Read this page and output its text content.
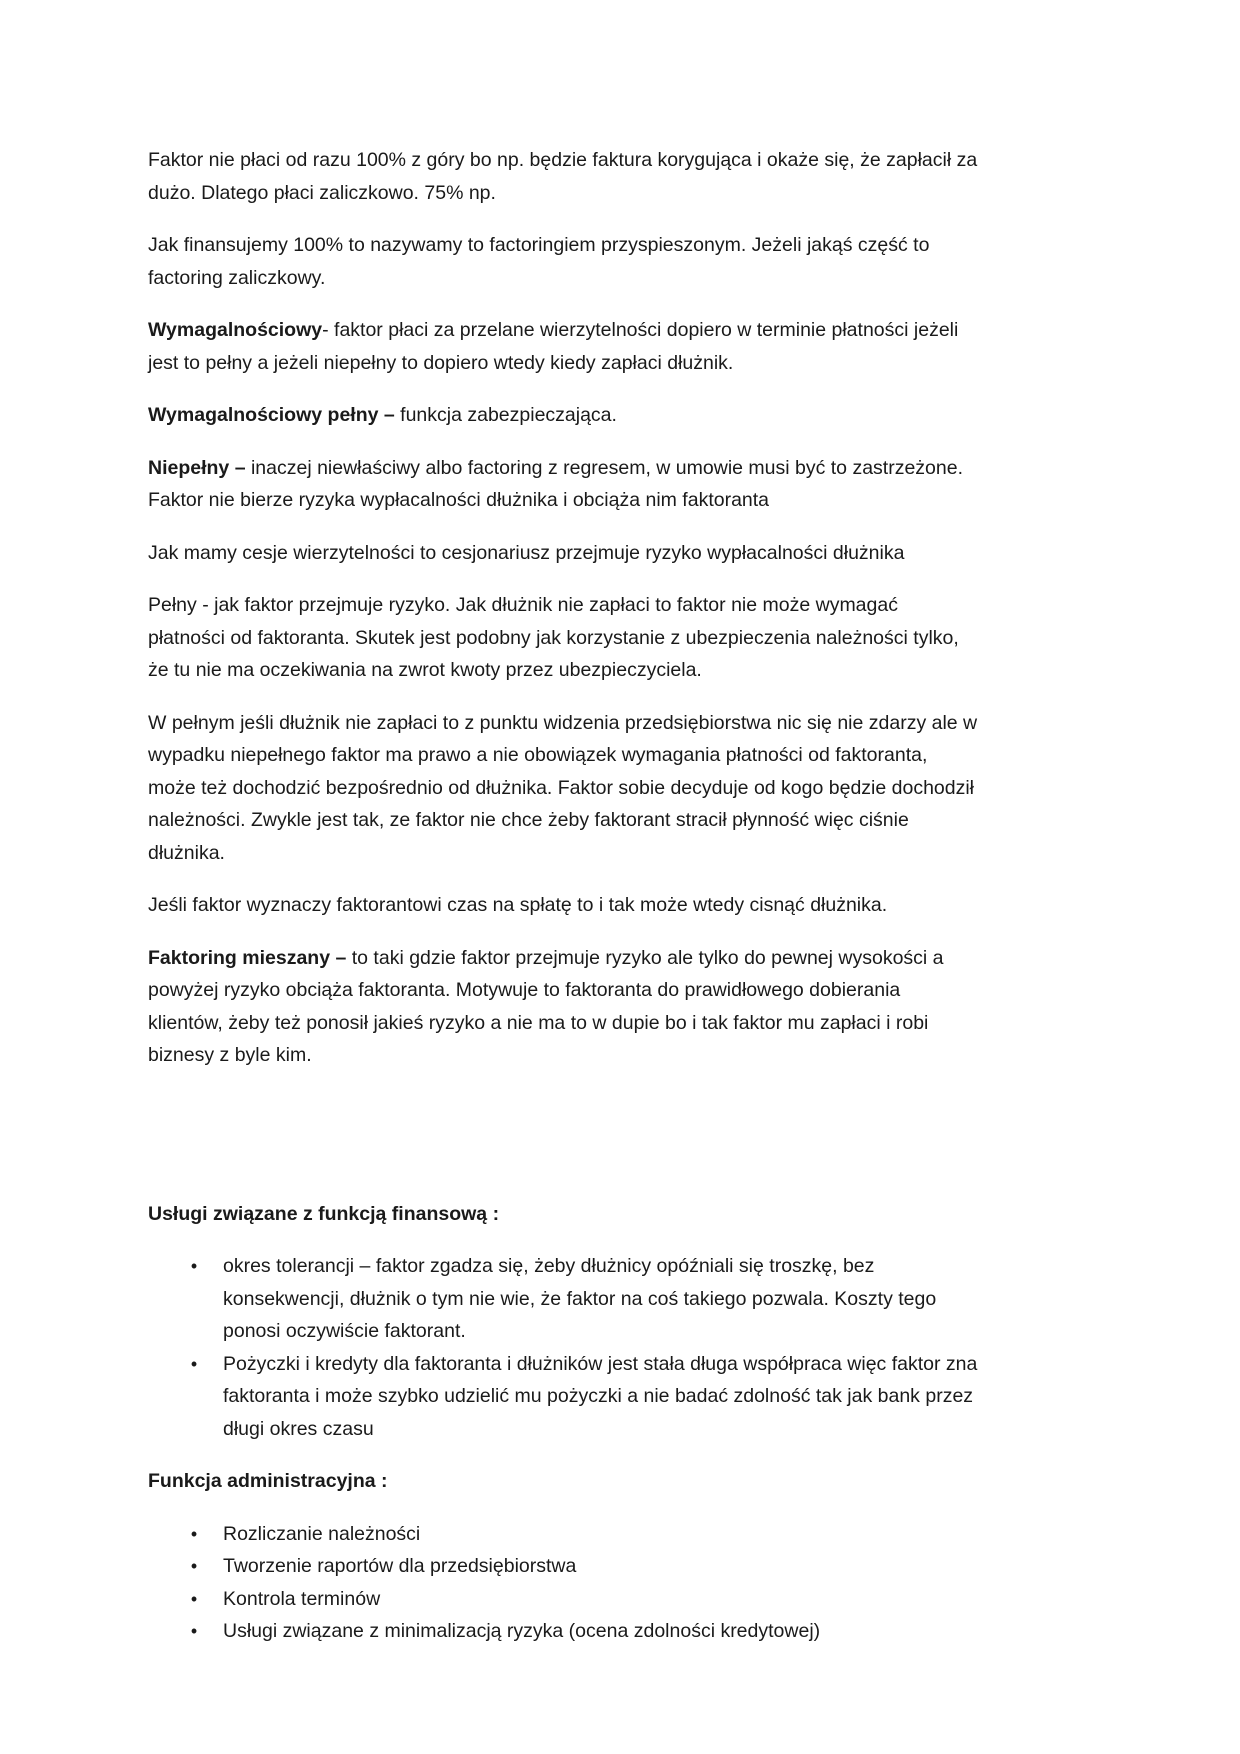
Faktor nie płaci od razu 100% z góry bo np. będzie faktura korygująca i okaże się, że zapłacił za dużo. Dlatego płaci zaliczkowo. 75% np.

Jak finansujemy 100% to nazywamy to factoringiem przyspieszonym. Jeżeli jakąś część to factoring zaliczkowy.

Wymagalnościowy- faktor płaci za przelane wierzytelności dopiero w terminie płatności jeżeli jest to pełny a jeżeli niepełny to dopiero wtedy kiedy zapłaci dłużnik.

Wymagalnościowy pełny – funkcja zabezpieczająca.

Niepełny – inaczej niewłaściwy albo factoring z regresem, w umowie musi być to zastrzeżone. Faktor nie bierze ryzyka wypłacalności dłużnika i obciąża nim faktoranta

Jak mamy cesje wierzytelności to cesjonariusz przejmuje ryzyko wypłacalności dłużnika

Pełny - jak faktor przejmuje ryzyko. Jak dłużnik nie zapłaci to faktor nie może wymagać płatności od faktoranta. Skutek jest podobny jak korzystanie z ubezpieczenia należności tylko, że tu nie ma oczekiwania na zwrot kwoty przez ubezpieczyciela.

W pełnym jeśli dłużnik nie zapłaci to z punktu widzenia przedsiębiorstwa nic się nie zdarzy ale w wypadku niepełnego faktor ma prawo a nie obowiązek wymagania płatności od faktoranta, może też dochodzić bezpośrednio od dłużnika. Faktor sobie decyduje od kogo będzie dochodził należności. Zwykle jest tak, ze faktor nie chce żeby faktorant stracił płynność więc ciśnie dłużnika.

Jeśli faktor wyznaczy faktorantowi czas na spłatę to i tak może wtedy cisnąć dłużnika.

Faktoring mieszany – to taki gdzie faktor przejmuje ryzyko ale tylko do pewnej wysokości a powyżej ryzyko obciąża faktoranta. Motywuje to faktoranta do prawidłowego dobierania klientów, żeby też ponosił jakieś ryzyko a nie ma to w dupie bo i tak faktor mu zapłaci i robi biznesy z byle kim.

Usługi związane z funkcją finansową :

• okres tolerancji – faktor zgadza się, żeby dłużnicy opóźniali się troszkę, bez konsekwencji, dłużnik o tym nie wie, że faktor na coś takiego pozwala. Koszty tego ponosi oczywiście faktorant.
• Pożyczki i kredyty dla faktoranta i dłużników jest stała długa współpraca więc faktor zna faktoranta i może szybko udzielić mu pożyczki a nie badać zdolność tak jak bank przez długi okres czasu

Funkcja administracyjna :

• Rozliczanie należności
• Tworzenie raportów dla przedsiębiorstwa
• Kontrola terminów
• Usługi związane z minimalizacją ryzyka (ocena zdolności kredytowej)
